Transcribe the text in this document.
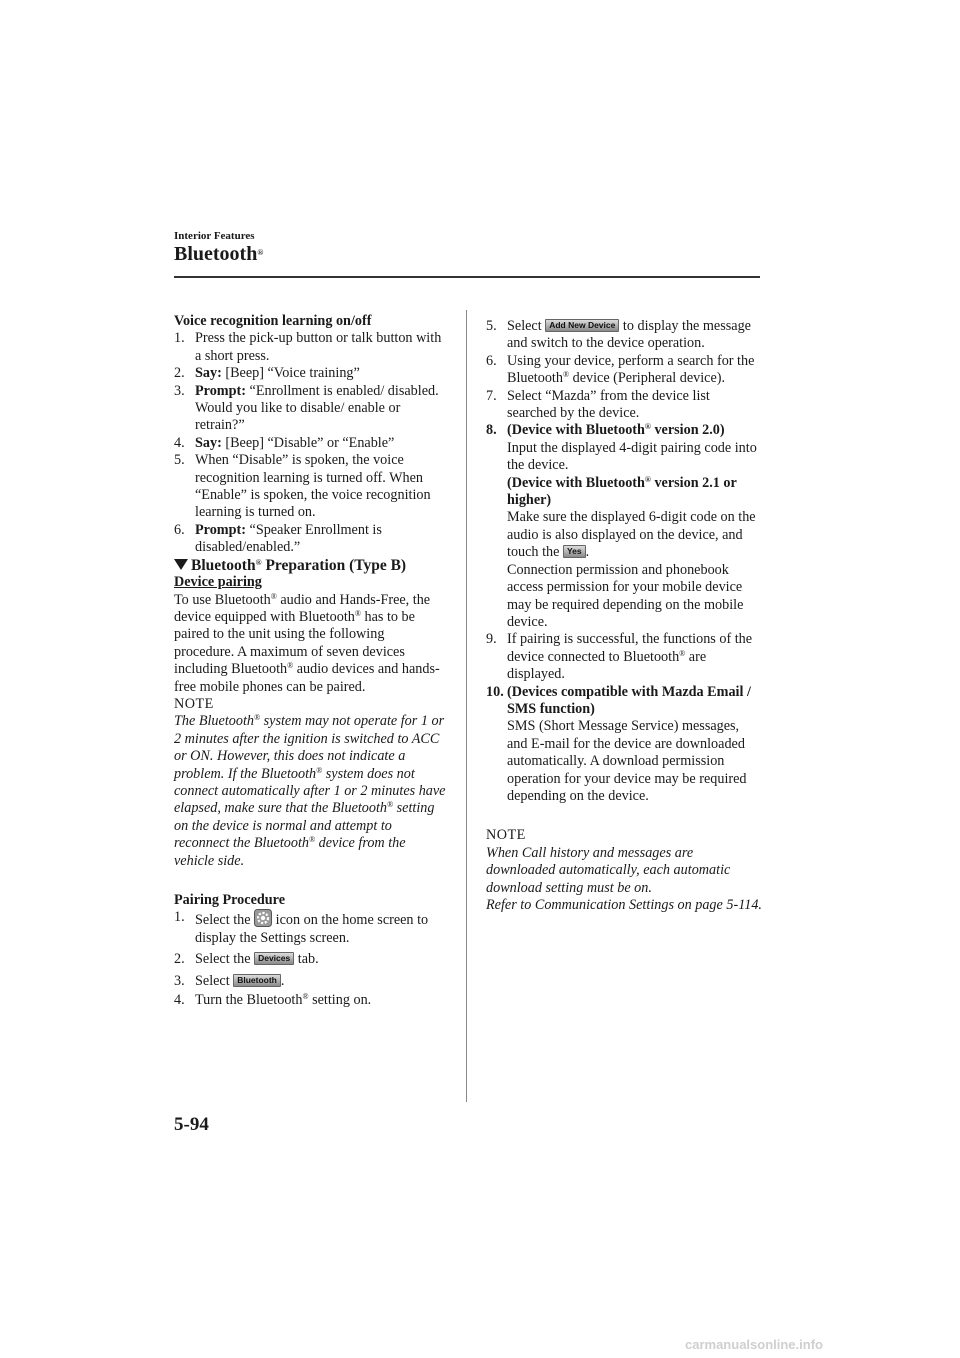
Interior Features
Bluetooth®

Voice recognition learning on/off

1. Press the pick-up button or talk button with a short press.
2. Say: [Beep] “Voice training”
3. Prompt: “Enrollment is enabled/ disabled. Would you like to disable/ enable or retrain?”
4. Say: [Beep] “Disable” or “Enable”
5. When “Disable” is spoken, the voice recognition learning is turned off. When “Enable” is spoken, the voice recognition learning is turned on.
6. Prompt: “Speaker Enrollment is disabled/enabled.”

Bluetooth® Preparation (Type B)

Device pairing

To use Bluetooth® audio and Hands-Free, the device equipped with Bluetooth® has to be paired to the unit using the following procedure. A maximum of seven devices including Bluetooth® audio devices and hands-free mobile phones can be paired.

NOTE

The Bluetooth® system may not operate for 1 or 2 minutes after the ignition is switched to ACC or ON. However, this does not indicate a problem. If the Bluetooth® system does not connect automatically after 1 or 2 minutes have elapsed, make sure that the Bluetooth® setting on the device is normal and attempt to reconnect the Bluetooth® device from the vehicle side.

Pairing Procedure

1. Select the  icon on the home screen to display the Settings screen.
2. Select the Devices tab.
3. Select Bluetooth .
4. Turn the Bluetooth® setting on.
5. Select Add New Device to display the message and switch to the device operation.
6. Using your device, perform a search for the Bluetooth® device (Peripheral device).
7. Select “Mazda” from the device list searched by the device.
8. (Device with Bluetooth® version 2.0)

Input the displayed 4-digit pairing code into the device.

(Device with Bluetooth® version 2.1 or higher)

Make sure the displayed 6-digit code on the audio is also displayed on the device, and touch the Yes .

Connection permission and phonebook access permission for your mobile device may be required depending on the mobile device.

9. If pairing is successful, the functions of the device connected to Bluetooth® are displayed.
10. (Devices compatible with Mazda Email / SMS function)

SMS (Short Message Service) messages, and E-mail for the device are downloaded automatically. A download permission operation for your device may be required depending on the device.

NOTE

When Call history and messages are downloaded automatically, each automatic download setting must be on.

Refer to Communication Settings on page 5-114.

5-94
carmanualsonline.info
